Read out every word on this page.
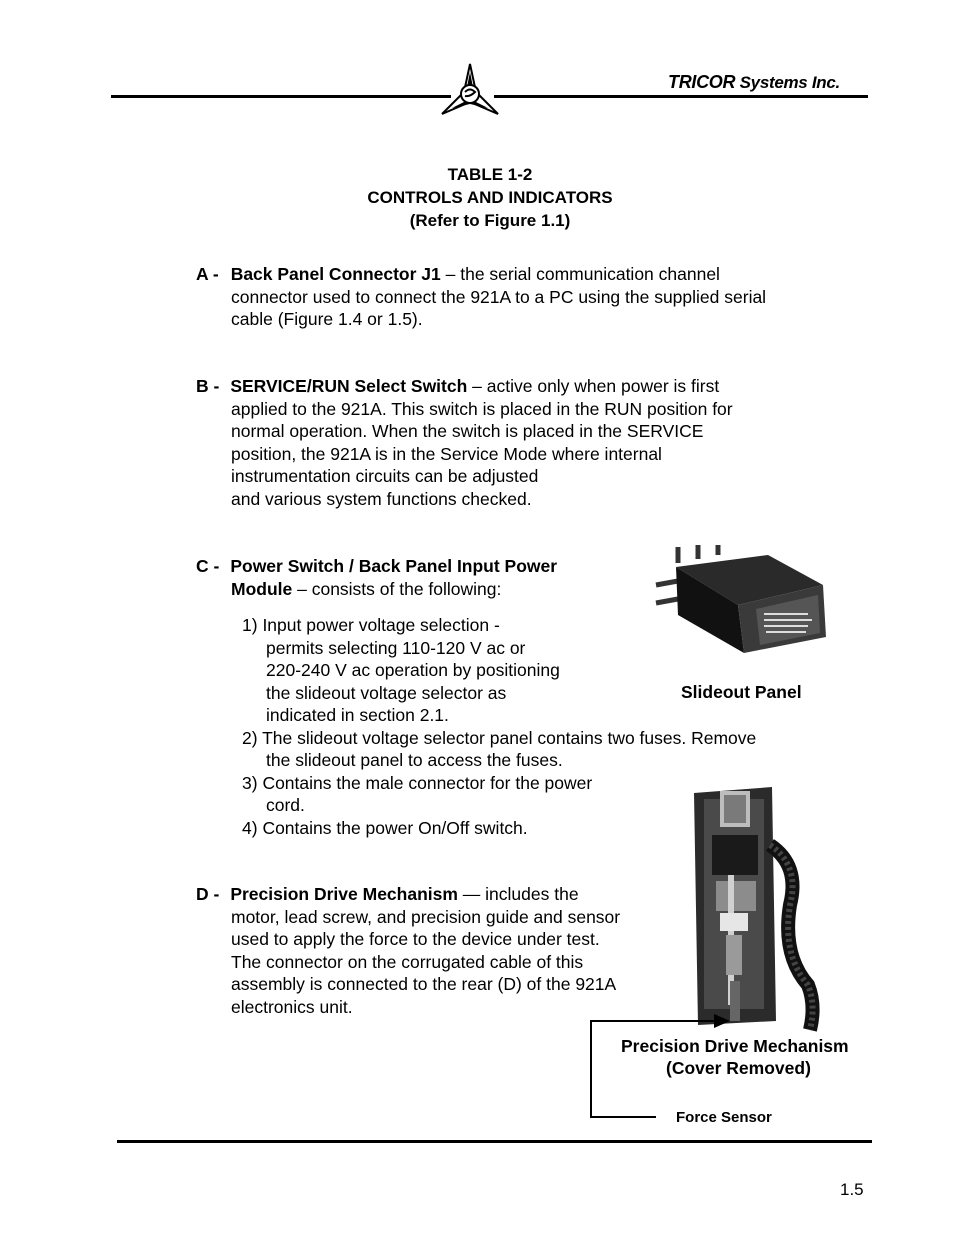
TRICOR Systems Inc.
TABLE 1-2
CONTROLS AND INDICATORS
(Refer to Figure 1.1)
A - Back Panel Connector J1 – the serial communication channel
connector used to connect the 921A to a PC using the supplied serial
cable (Figure 1.4 or 1.5).
B - SERVICE/RUN Select Switch – active only when power is first
applied to the 921A. This switch is placed in the RUN position for
normal operation. When the switch is placed in the SERVICE
position, the 921A is in the Service Mode where internal
instrumentation circuits can be adjusted
and various system functions checked.
C - Power Switch / Back Panel Input Power
Module – consists of the following:
1) Input power voltage selection -
permits selecting 110-120 V ac or
220-240 V ac operation by positioning
the slideout voltage selector as
indicated in section 2.1.
2) The slideout voltage selector panel contains two fuses. Remove
the slideout panel to access the fuses.
3) Contains the male connector for the power
cord.
4) Contains the power On/Off switch.
Slideout Panel
D - Precision Drive Mechanism — includes the
motor, lead screw, and precision guide and sensor
used to apply the force to the device under test.
The connector on the corrugated cable of this
assembly is connected to the rear (D) of the 921A
electronics unit.
Precision Drive Mechanism
(Cover Removed)
Force Sensor
1.5
